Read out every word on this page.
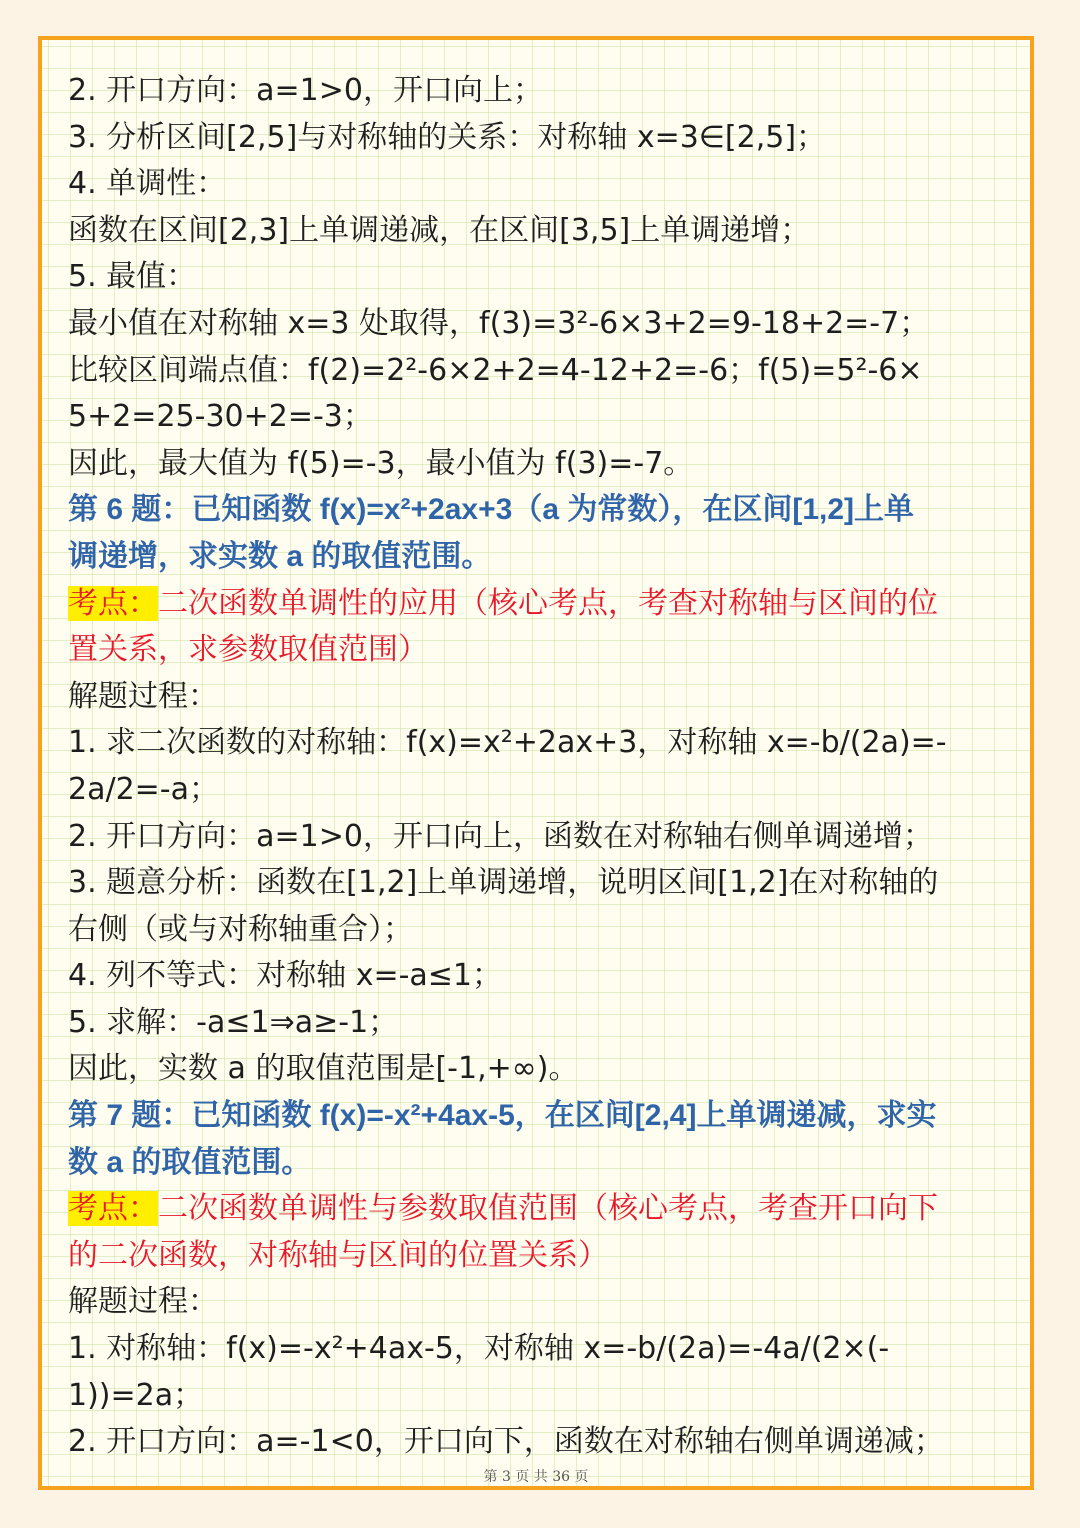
2. 开口方向：a=1>0，开口向上；
3. 分析区间[2,5]与对称轴的关系：对称轴 x=3∈[2,5]；
4. 单调性：
函数在区间[2,3]上单调递减，在区间[3,5]上单调递增；
5. 最值：
最小值在对称轴 x=3 处取得，f(3)=3²-6×3+2=9-18+2=-7；
比较区间端点值：f(2)=2²-6×2+2=4-12+2=-6；f(5)=5²-6×
5+2=25-30+2=-3；
因此，最大值为 f(5)=-3，最小值为 f(3)=-7。
第 6 题：已知函数 f(x)=x²+2ax+3（a 为常数），在区间[1,2]上单
调递增，求实数 a 的取值范围。
考点：二次函数单调性的应用（核心考点，考查对称轴与区间的位
置关系，求参数取值范围）
解题过程：
1. 求二次函数的对称轴：f(x)=x²+2ax+3，对称轴 x=-b/(2a)=-
2a/2=-a；
2. 开口方向：a=1>0，开口向上，函数在对称轴右侧单调递增；
3. 题意分析：函数在[1,2]上单调递增，说明区间[1,2]在对称轴的
右侧（或与对称轴重合）；
4. 列不等式：对称轴 x=-a≤1；
5. 求解：-a≤1⇒a≥-1；
因此，实数 a 的取值范围是[-1,+∞)。
第 7 题：已知函数 f(x)=-x²+4ax-5，在区间[2,4]上单调递减，求实
数 a 的取值范围。
考点：二次函数单调性与参数取值范围（核心考点，考查开口向下
的二次函数，对称轴与区间的位置关系）
解题过程：
1. 对称轴：f(x)=-x²+4ax-5，对称轴 x=-b/(2a)=-4a/(2×(-
1))=2a；
2. 开口方向：a=-1<0，开口向下，函数在对称轴右侧单调递减；
第 3 页 共 36 页
